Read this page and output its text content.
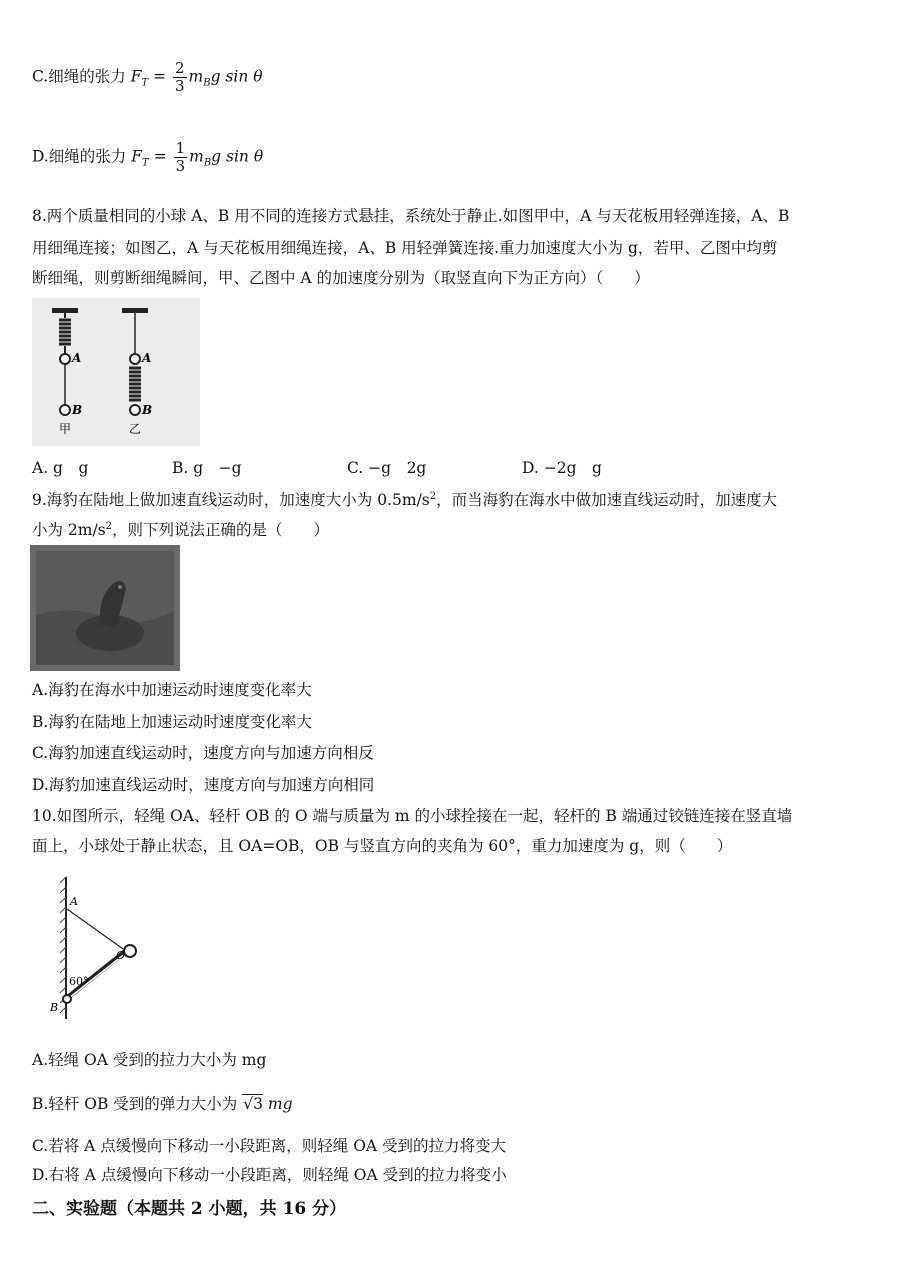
C.细绳的张力 $F_T = \frac{2}{3} m_Bg$ sin θ
D.细绳的张力 $F_T = \frac{1}{3} m_Bg$ sin θ
8.两个质量相同的小球 A、B 用不同的连接方式悬挂，系统处于静止.如图甲中，A 与天花板用轻弹连接，A、B
用细绳连接；如图乙，A 与天花板用细绳连接，A、B 用轻弹簧连接.重力加速度大小为 g，若甲、乙图中均剪
断细绳，则剪断细绳瞬间，甲、乙图中 A 的加速度分别为（取竖直向下为正方向）（　　）
A
B
甲
A
B
乙
A. g　g	B. g　−g	C. −g　2g	D. −2g　g
9.海豹在陆地上做加速直线运动时，加速度大小为 $0.5m/s^2$，而当海豹在海水中做加速直线运动时，加速度大
小为 $2m/s^2$，则下列说法正确的是（　　）
A.海豹在海水中加速运动时速度变化率大
B.海豹在陆地上加速运动时速度变化率大
C.海豹加速直线运动时，速度方向与加速方向相反
D.海豹加速直线运动时，速度方向与加速方向相同
10.如图所示，轻绳 OA、轻杆 OB 的 O 端与质量为 m 的小球拴接在一起，轻杆的 B 端通过铰链连接在竖直墙
面上，小球处于静止状态，且 OA=OB，OB 与竖直方向的夹角为 60°，重力加速度为 g，则（　　）
A
O
B
60°
A.轻绳 OA 受到的拉力大小为 mg
B.轻杆 OB 受到的弹力大小为 √3 mg
C.若将 A 点缓慢向下移动一小段距离，则轻绳 OA 受到的拉力将变大
D.右将 A 点缓慢向下移动一小段距离，则轻绳 OA 受到的拉力将变小
二、实验题（本题共 2 小题，共 16 分）
